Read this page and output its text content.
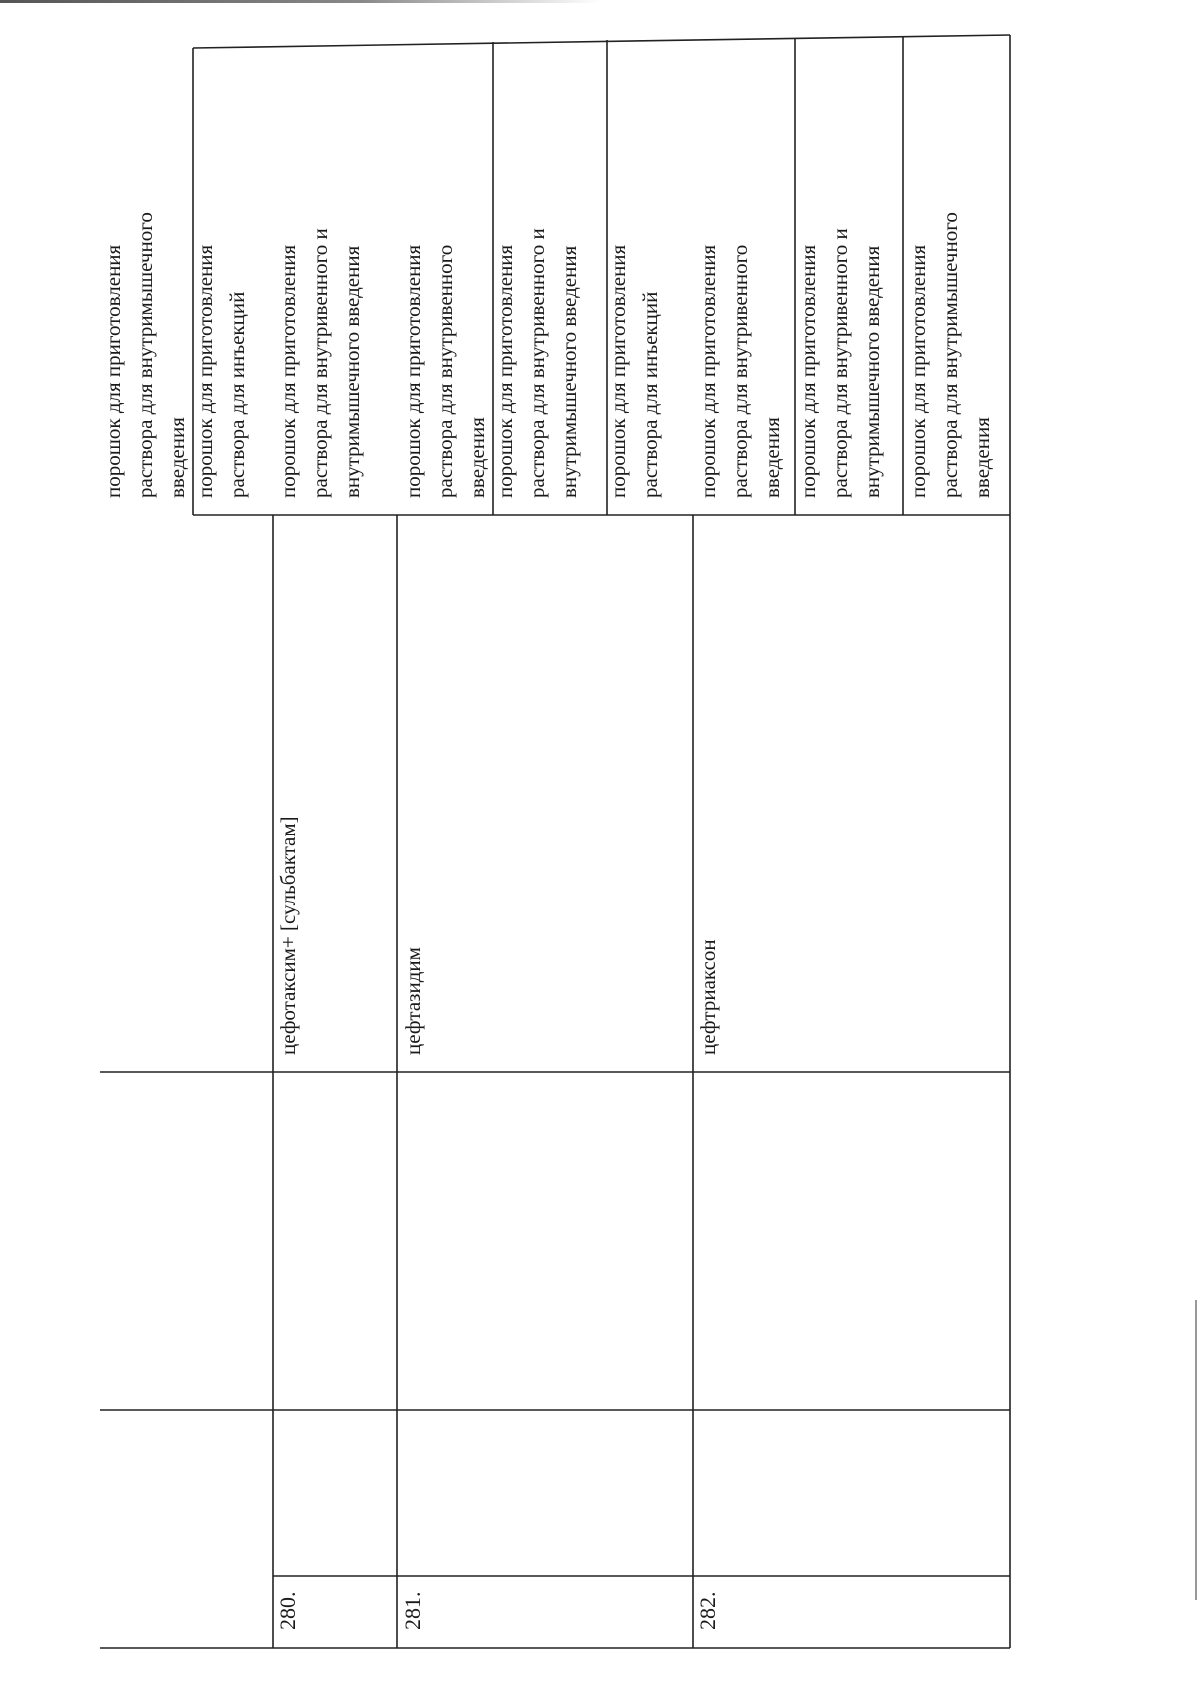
порошок для приготовления раствора для внутримышечного введения порошок для приготовления раствора для инъекций
280.
цефотаксим+ [сульбактам]
порошок для приготовления раствора для внутривенного и внутримышечного введения
281.
цефтазидим
порошок для приготовления раствора для внутривенного введения порошок для приготовления раствора для внутривенного и внутримышечного введения порошок для приготовления раствора для инъекций
282.
цефтриаксон
порошок для приготовления раствора для внутривенного введения порошок для приготовления раствора для внутривенного и внутримышечного введения порошок для приготовления раствора для внутримышечного введения
